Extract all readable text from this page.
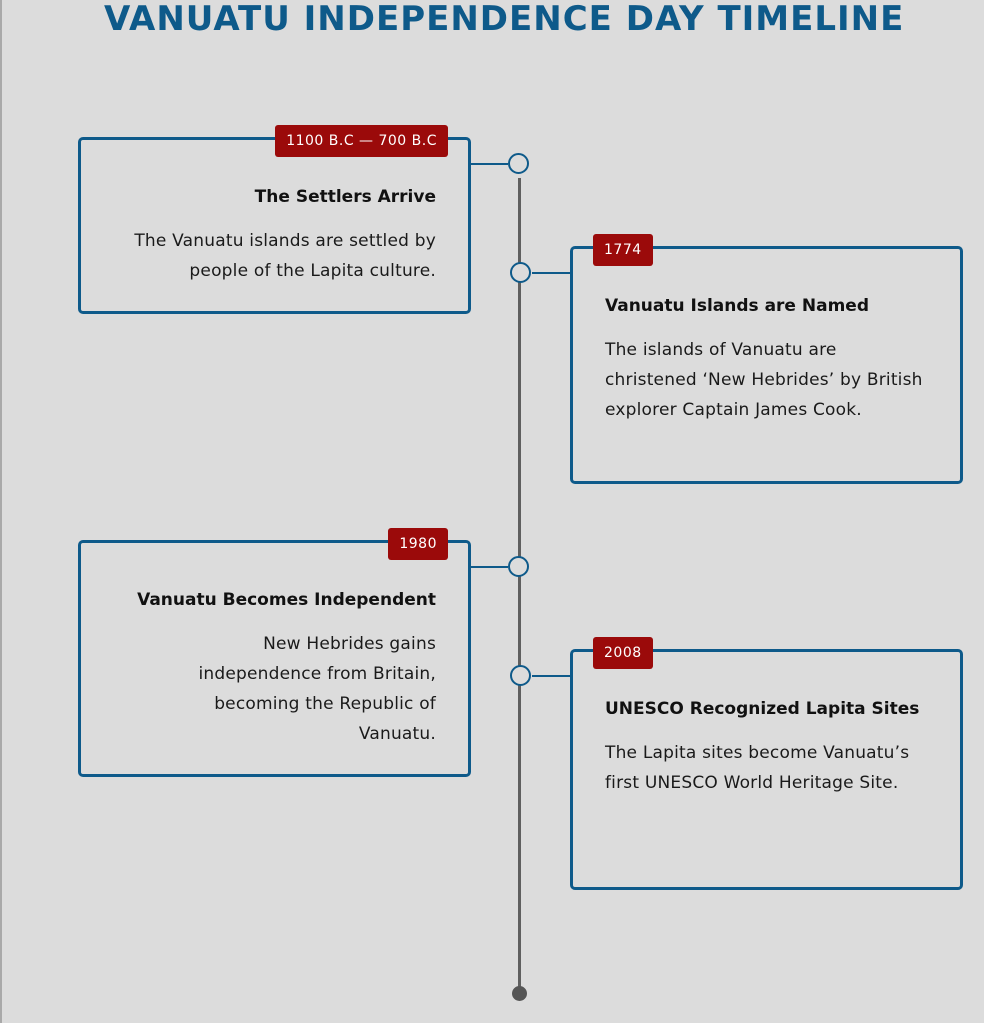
VANUATU INDEPENDENCE DAY TIMELINE
1100 B.C — 700 B.C
The Settlers Arrive

The Vanuatu islands are settled by people of the Lapita culture.

1774
Vanuatu Islands are Named

The islands of Vanuatu are christened ‘New Hebrides’ by British explorer Captain James Cook.

1980
Vanuatu Becomes Independent

New Hebrides gains independence from Britain, becoming the Republic of Vanuatu.

2008
UNESCO Recognized Lapita Sites

The Lapita sites become Vanuatu’s first UNESCO World Heritage Site.
